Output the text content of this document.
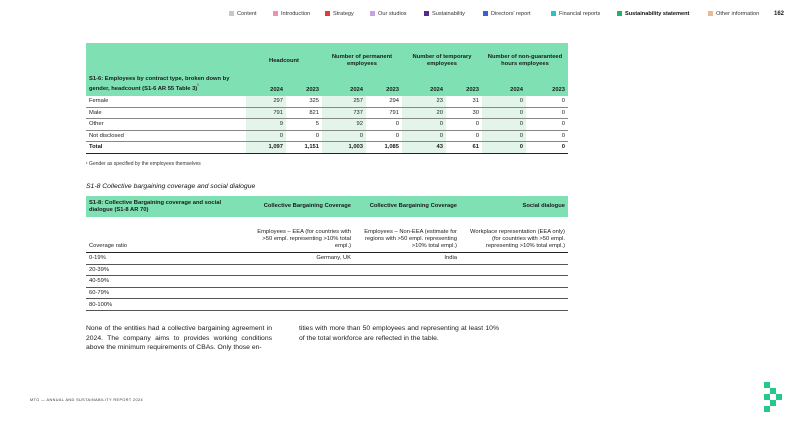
Content	Introduction	Strategy	Our studios	Sustainability	Directors' report	Financial reports	Sustainability statement	Other information 162
S1-6: Employees by contract type, broken down by gender, headcount (S1-6 AR 55 Table 3)$^{^1}$	Headcount		Number of permanent employees		Number of temporary employees		Number of non-guaranteed hours employees	
	2024	2023	2024	2023	2024	2023	2024	2023
Female	297	325	257	294	23	31	0	0
Male	791	821	737	791	20	30	0	0
Other	9	5	92	0	0	0	0	0
Not disclosed	0	0	0	0	0	0	0	0
Total	1,097	1,151	1,003	1,085	43	61	0	0
¹ Gender as specified by the employees themselves
S1-8 Collective bargaining coverage and social dialogue
S1-8: Collective Bargaining coverage and social dialogue (S1-8 AR 70)	Collective Bargaining Coverage	Collective Bargaining Coverage	Social dialogue
Coverage ratio	Employees – EEA (for countries with >50 empl. representing >10% total empl.)	Employees – Non-EEA (estimate for regions with >50 empl. representing >10% total empl.)	Workplace representation (EEA only) (for countries with >50 empl. representing >10% total empl.)
0-19%	Germany, UK	India	
20-39%			
40-59%			
60-79%			
80-100%			
None of the entities had a collective bargaining agreement in 2024. The company aims to provides working conditions above the minimum requirements of CBAs. Only those en-
tities with more than 50 employees and representing at least 10% of the total workforce are reflected in the table.
MTG — ANNUAL AND SUSTAINABILITY REPORT 2024
